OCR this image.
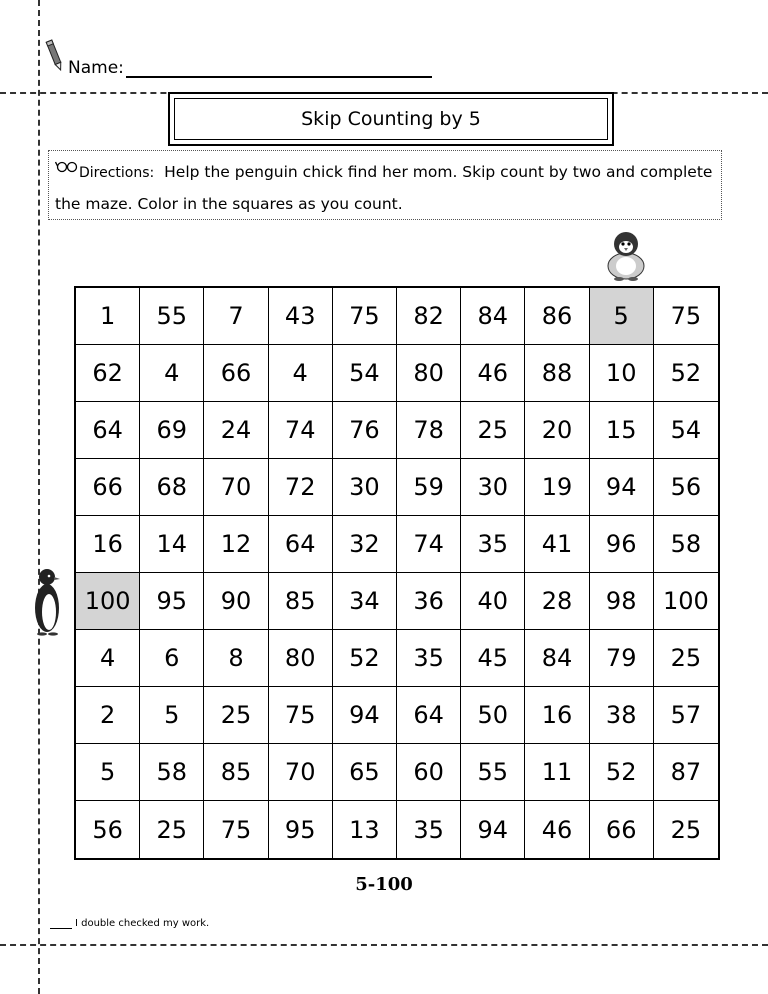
Name:
Skip Counting by 5
Directions: Help the penguin chick find her mom. Skip count by two and complete the maze. Color in the squares as you count.
1	55	7	43	75	82	84	86	5	75
62	4	66	4	54	80	46	88	10	52
64	69	24	74	76	78	25	20	15	54
66	68	70	72	30	59	30	19	94	56
16	14	12	64	32	74	35	41	96	58
100	95	90	85	34	36	40	28	98	100
4	6	8	80	52	35	45	84	79	25
2	5	25	75	94	64	50	16	38	57
5	58	85	70	65	60	55	11	52	87
56	25	75	95	13	35	94	46	66	25
5-100
I double checked my work.
